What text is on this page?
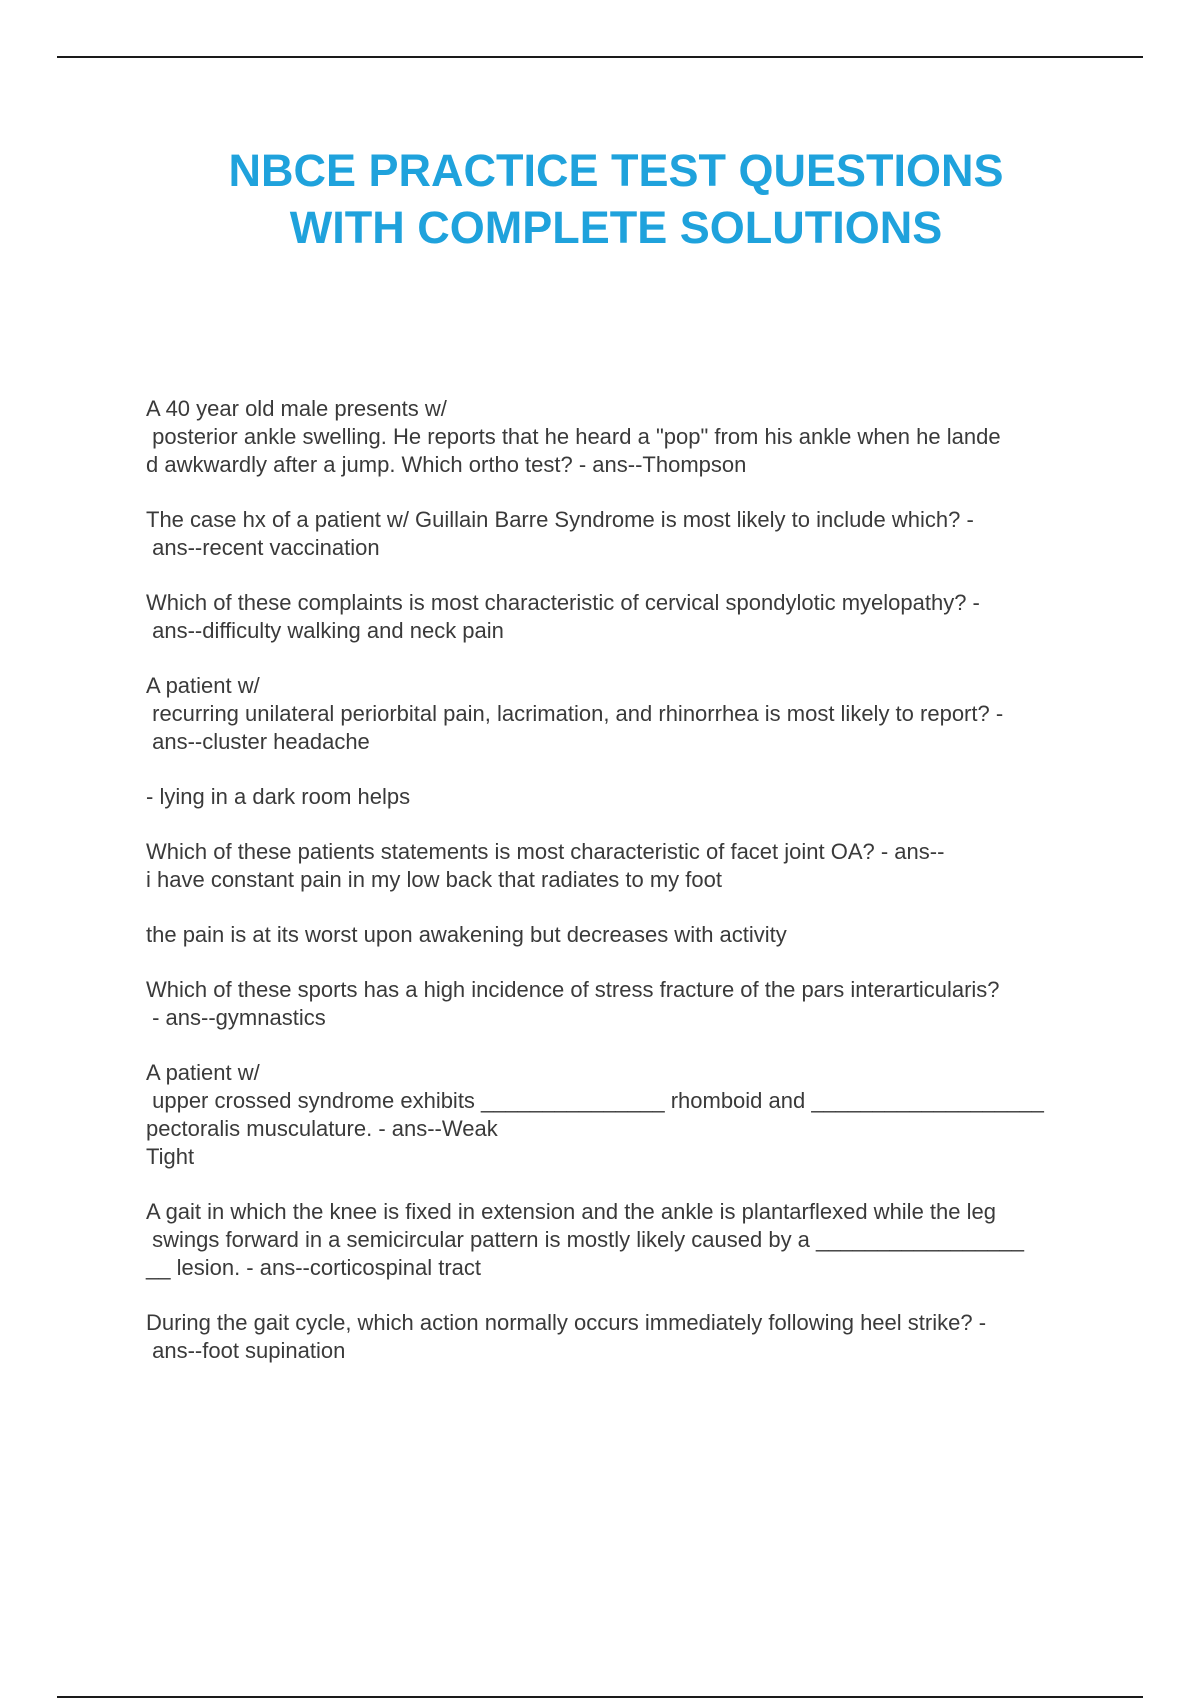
NBCE PRACTICE TEST QUESTIONS
WITH COMPLETE SOLUTIONS

A 40 year old male presents w/
posterior ankle swelling. He reports that he heard a "pop" from his ankle when he lande
d awkwardly after a jump. Which ortho test? - ans--Thompson

The case hx of a patient w/ Guillain Barre Syndrome is most likely to include which? -
ans--recent vaccination

Which of these complaints is most characteristic of cervical spondylotic myelopathy? -
ans--difficulty walking and neck pain

A patient w/
recurring unilateral periorbital pain, lacrimation, and rhinorrhea is most likely to report? -
ans--cluster headache

- lying in a dark room helps

Which of these patients statements is most characteristic of facet joint OA? - ans--
i have constant pain in my low back that radiates to my foot

the pain is at its worst upon awakening but decreases with activity

Which of these sports has a high incidence of stress fracture of the pars interarticularis?
- ans--gymnastics

A patient w/
upper crossed syndrome exhibits _______________ rhomboid and ___________________
pectoralis musculature. - ans--Weak
Tight

A gait in which the knee is fixed in extension and the ankle is plantarflexed while the leg
swings forward in a semicircular pattern is mostly likely caused by a _________________
__ lesion. - ans--corticospinal tract

During the gait cycle, which action normally occurs immediately following heel strike? -
ans--foot supination
